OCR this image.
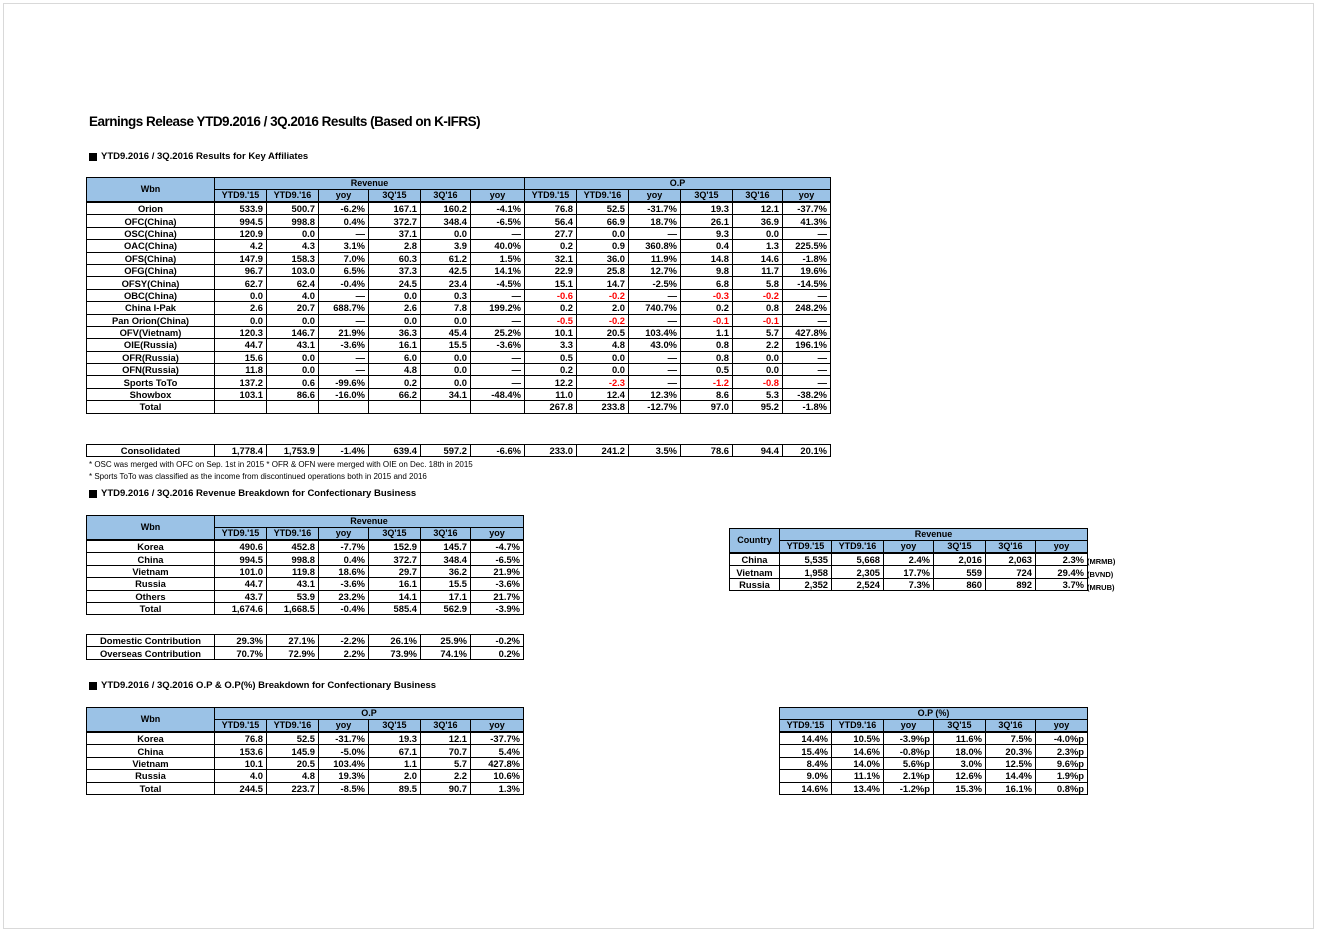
Earnings Release YTD9.2016 / 3Q.2016 Results (Based on K-IFRS)
YTD9.2016 / 3Q.2016 Results for Key Affiliates
Wbn	Revenue						O.P					
	YTD9.'15	YTD9.'16	yoy	3Q'15	3Q'16	yoy	YTD9.'15	YTD9.'16	yoy	3Q'15	3Q'16	yoy
Orion	533.9	500.7	-6.2%	167.1	160.2	-4.1%	76.8	52.5	-31.7%	19.3	12.1	-37.7%
OFC(China)	994.5	998.8	0.4%	372.7	348.4	-6.5%	56.4	66.9	18.7%	26.1	36.9	41.3%
OSC(China)	120.9	0.0	—	37.1	0.0	—	27.7	0.0	—	9.3	0.0	—
OAC(China)	4.2	4.3	3.1%	2.8	3.9	40.0%	0.2	0.9	360.8%	0.4	1.3	225.5%
OFS(China)	147.9	158.3	7.0%	60.3	61.2	1.5%	32.1	36.0	11.9%	14.8	14.6	-1.8%
OFG(China)	96.7	103.0	6.5%	37.3	42.5	14.1%	22.9	25.8	12.7%	9.8	11.7	19.6%
OFSY(China)	62.7	62.4	-0.4%	24.5	23.4	-4.5%	15.1	14.7	-2.5%	6.8	5.8	-14.5%
OBC(China)	0.0	4.0	—	0.0	0.3	—	-0.6	-0.2	—	-0.3	-0.2	—
China I-Pak	2.6	20.7	688.7%	2.6	7.8	199.2%	0.2	2.0	740.7%	0.2	0.8	248.2%
Pan Orion(China)	0.0	0.0	—	0.0	0.0	—	-0.5	-0.2	—	-0.1	-0.1	—
OFV(Vietnam)	120.3	146.7	21.9%	36.3	45.4	25.2%	10.1	20.5	103.4%	1.1	5.7	427.8%
OIE(Russia)	44.7	43.1	-3.6%	16.1	15.5	-3.6%	3.3	4.8	43.0%	0.8	2.2	196.1%
OFR(Russia)	15.6	0.0	—	6.0	0.0	—	0.5	0.0	—	0.8	0.0	—
OFN(Russia)	11.8	0.0	—	4.8	0.0	—	0.2	0.0	—	0.5	0.0	—
Sports ToTo	137.2	0.6	-99.6%	0.2	0.0	—	12.2	-2.3	—	-1.2	-0.8	—
Showbox	103.1	86.6	-16.0%	66.2	34.1	-48.4%	11.0	12.4	12.3%	8.6	5.3	-38.2%
Total							267.8	233.8	-12.7%	97.0	95.2	-1.8%
Consolidated	1,778.4	1,753.9	-1.4%	639.4	597.2	-6.6%	233.0	241.2	3.5%	78.6	94.4	20.1%
* OSC was merged with OFC on Sep. 1st in 2015 * OFR & OFN were merged with OIE on Dec. 18th in 2015
* Sports ToTo was classified as the income from discontinued operations both in 2015 and 2016
YTD9.2016 / 3Q.2016 Revenue Breakdown for Confectionary Business
Wbn	Revenue					
	YTD9.'15	YTD9.'16	yoy	3Q'15	3Q'16	yoy
Korea	490.6	452.8	-7.7%	152.9	145.7	-4.7%
China	994.5	998.8	0.4%	372.7	348.4	-6.5%
Vietnam	101.0	119.8	18.6%	29.7	36.2	21.9%
Russia	44.7	43.1	-3.6%	16.1	15.5	-3.6%
Others	43.7	53.9	23.2%	14.1	17.1	21.7%
Total	1,674.6	1,668.5	-0.4%	585.4	562.9	-3.9%
Domestic Contribution	29.3%	27.1%	-2.2%	26.1%	25.9%	-0.2%
Overseas Contribution	70.7%	72.9%	2.2%	73.9%	74.1%	0.2%
Country	Revenue					
	YTD9.'15	YTD9.'16	yoy	3Q'15	3Q'16	yoy
China	5,535	5,668	2.4%	2,016	2,063	2.3%
Vietnam	1,958	2,305	17.7%	559	724	29.4%
Russia	2,352	2,524	7.3%	860	892	3.7%
(MRMB)
(BVND)
(MRUB)
YTD9.2016 / 3Q.2016 O.P & O.P(%) Breakdown for Confectionary Business
Wbn	O.P					
	YTD9.'15	YTD9.'16	yoy	3Q'15	3Q'16	yoy
Korea	76.8	52.5	-31.7%	19.3	12.1	-37.7%
China	153.6	145.9	-5.0%	67.1	70.7	5.4%
Vietnam	10.1	20.5	103.4%	1.1	5.7	427.8%
Russia	4.0	4.8	19.3%	2.0	2.2	10.6%
Total	244.5	223.7	-8.5%	89.5	90.7	1.3%
O.P (%)					
YTD9.'15	YTD9.'16	yoy	3Q'15	3Q'16	yoy
14.4%	10.5%	-3.9%p	11.6%	7.5%	-4.0%p
15.4%	14.6%	-0.8%p	18.0%	20.3%	2.3%p
8.4%	14.0%	5.6%p	3.0%	12.5%	9.6%p
9.0%	11.1%	2.1%p	12.6%	14.4%	1.9%p
14.6%	13.4%	-1.2%p	15.3%	16.1%	0.8%p
